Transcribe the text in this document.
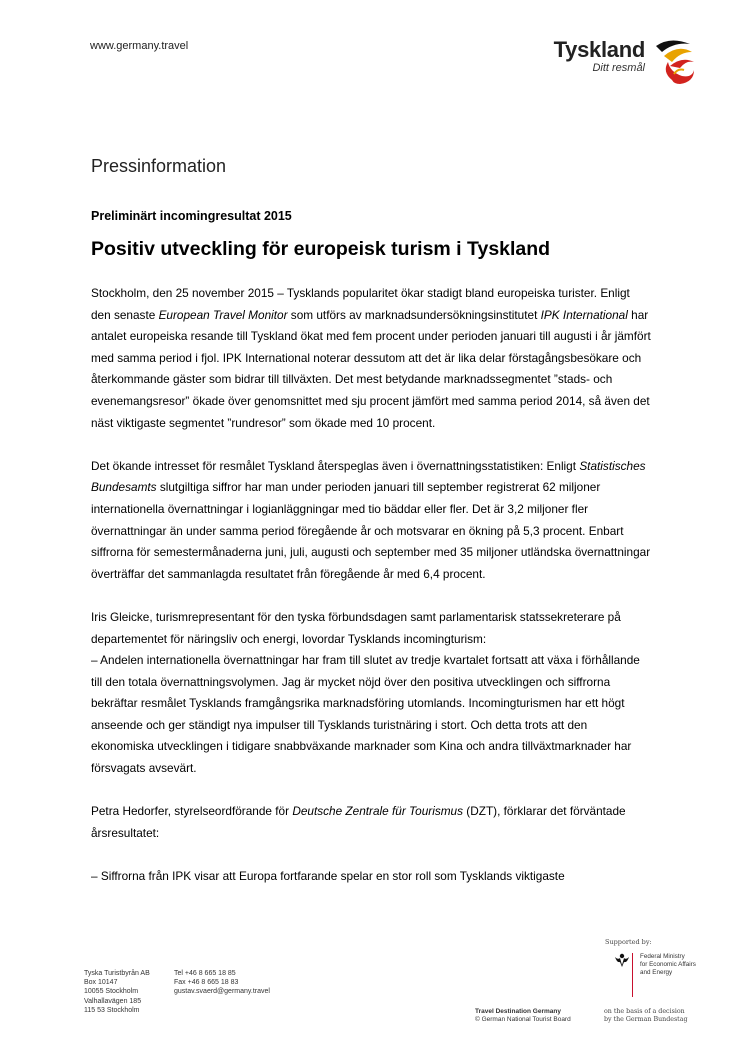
www.germany.travel	Tyskland
Ditt resmål
Pressinformation
Preliminärt incomingresultat 2015
Positiv utveckling för europeisk turism i Tyskland

Stockholm, den 25 november 2015 – Tysklands popularitet ökar stadigt bland europeiska turister. Enligt den senaste European Travel Monitor som utförs av marknadsundersökningsinstitutet IPK International har antalet europeiska resande till Tyskland ökat med fem procent under perioden januari till augusti i år jämfört med samma period i fjol. IPK International noterar dessutom att det är lika delar förstagångsbesökare och återkommande gäster som bidrar till tillväxten. Det mest betydande marknadssegmentet ”stads- och evenemangsresor” ökade över genomsnittet med sju procent jämfört med samma period 2014, så även det näst viktigaste segmentet ”rundresor” som ökade med 10 procent.

Det ökande intresset för resmålet Tyskland återspeglas även i övernattningsstatistiken: Enligt Statistisches Bundesamts slutgiltiga siffror har man under perioden januari till september registrerat 62 miljoner internationella övernattningar i logianläggningar med tio bäddar eller fler. Det är 3,2 miljoner fler övernattningar än under samma period föregående år och motsvarar en ökning på 5,3 procent. Enbart siffrorna för semestermånaderna juni, juli, augusti och september med 35 miljoner utländska övernattningar överträffar det sammanlagda resultatet från föregående år med 6,4 procent.

Iris Gleicke, turismrepresentant för den tyska förbundsdagen samt parlamentarisk statssekreterare på departementet för näringsliv och energi, lovordar Tysklands incomingturism:
– Andelen internationella övernattningar har fram till slutet av tredje kvartalet fortsatt att växa i förhållande till den totala övernattningsvolymen. Jag är mycket nöjd över den positiva utvecklingen och siffrorna bekräftar resmålet Tysklands framgångsrika marknadsföring utomlands. Incomingturismen har ett högt anseende och ger ständigt nya impulser till Tysklands turistnäring i stort. Och detta trots att den ekonomiska utvecklingen i tidigare snabbväxande marknader som Kina och andra tillväxtmarknader har försvagats avsevärt.

Petra Hedorfer, styrelseordförande för Deutsche Zentrale für Tourismus (DZT), förklarar det förväntade årsresultatet:

– Siffrorna från IPK visar att Europa fortfarande spelar en stor roll som Tysklands viktigaste

Tyska Turistbyrån AB
Box 10147
10055 Stockholm
Valhallavägen 185
115 53 Stockholm
Tel +46 8 665 18 85
Fax +46 8 665 18 83
gustav.svaerd@germany.travel
Supported by:
Federal Ministry
for Economic Affairs
and Energy
Travel Destination Germany
© German National Tourist Board
on the basis of a decision
by the German Bundestag
